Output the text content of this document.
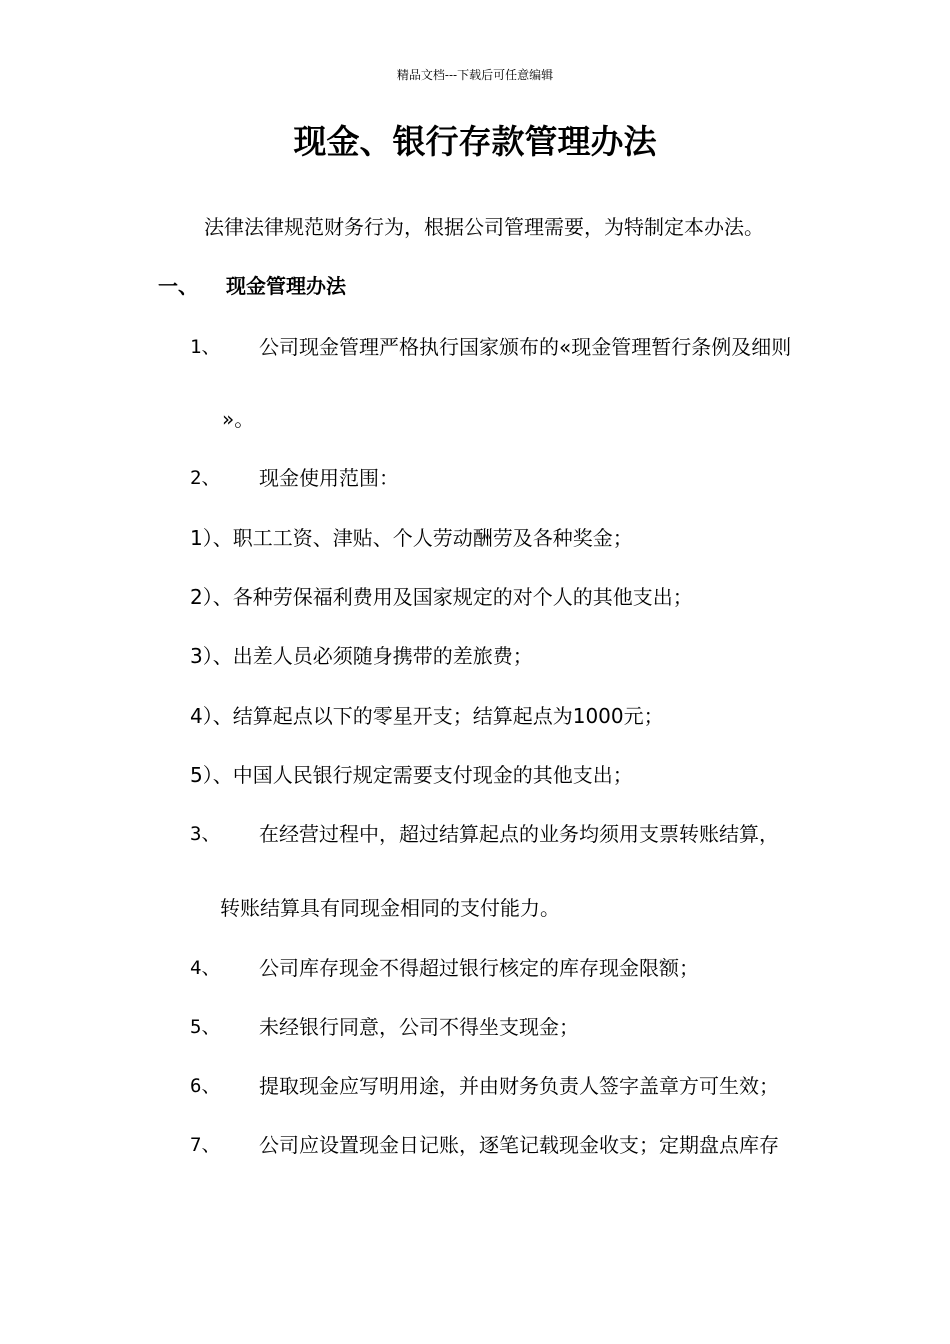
精品文档---下载后可任意编辑
现金、银行存款管理办法
法律法律规范财务行为，根据公司管理需要，为特制定本办法。
一、 现金管理办法
1、 公司现金管理严格执行国家颁布的«现金管理暂行条例及细则
»。
2、 现金使用范围：
1）、职工工资、津贴、个人劳动酬劳及各种奖金；
2）、各种劳保福利费用及国家规定的对个人的其他支出；
3）、出差人员必须随身携带的差旅费；
4）、结算起点以下的零星开支；结算起点为1000元；
5）、中国人民银行规定需要支付现金的其他支出；
3、 在经营过程中，超过结算起点的业务均须用支票转账结算，
转账结算具有同现金相同的支付能力。
4、 公司库存现金不得超过银行核定的库存现金限额；
5、 未经银行同意，公司不得坐支现金；
6、 提取现金应写明用途，并由财务负责人签字盖章方可生效；
7、 公司应设置现金日记账，逐笔记载现金收支；定期盘点库存
